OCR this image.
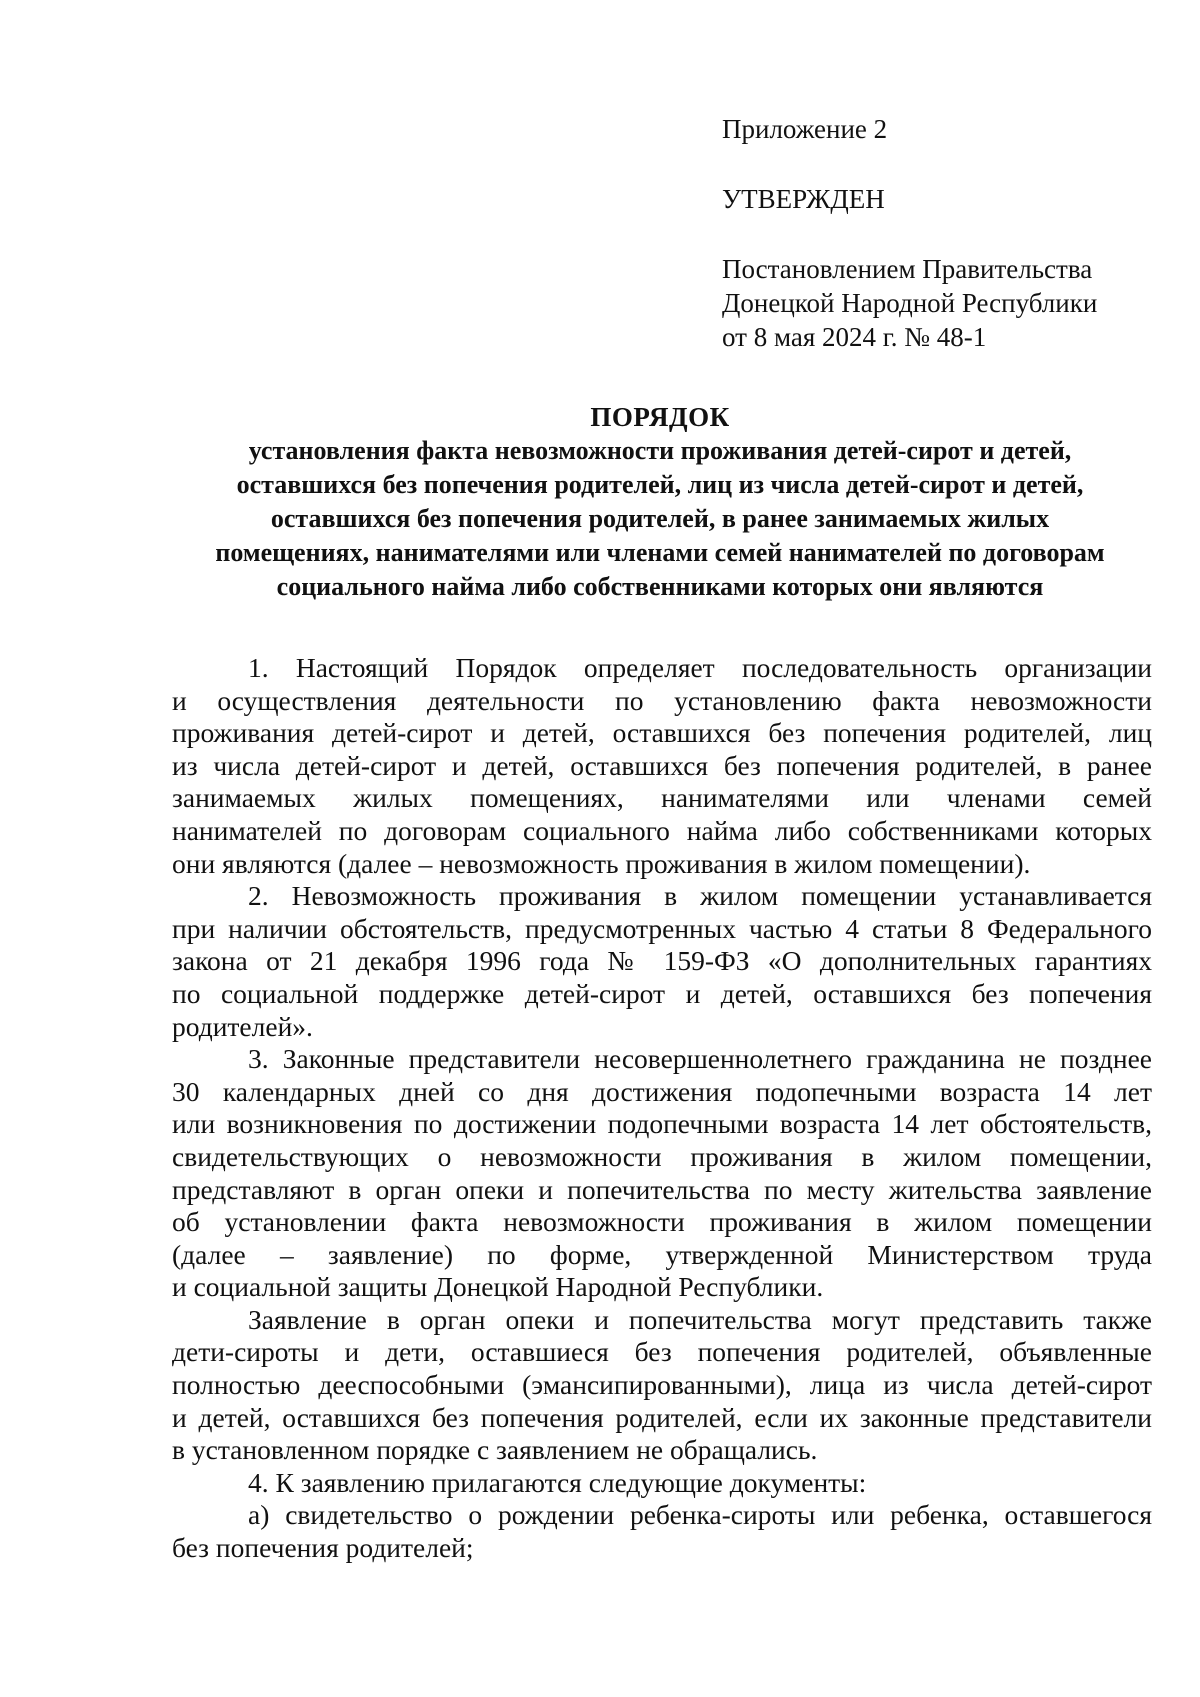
Приложение 2
УТВЕРЖДЕН
Постановлением Правительства
Донецкой Народной Республики
от 8 мая 2024 г. № 48-1
ПОРЯДОК
установления факта невозможности проживания детей-сирот и детей,
оставшихся без попечения родителей, лиц из числа детей-сирот и детей,
оставшихся без попечения родителей, в ранее занимаемых жилых
помещениях, нанимателями или членами семей нанимателей по договорам
социального найма либо собственниками которых они являются
1. Настоящий Порядок определяет последовательность организации
и осуществления деятельности по установлению факта невозможности
проживания детей-сирот и детей, оставшихся без попечения родителей, лиц
из числа детей-сирот и детей, оставшихся без попечения родителей, в ранее
занимаемых жилых помещениях, нанимателями или членами семей
нанимателей по договорам социального найма либо собственниками которых
они являются (далее – невозможность проживания в жилом помещении).
2. Невозможность проживания в жилом помещении устанавливается
при наличии обстоятельств, предусмотренных частью 4 статьи 8 Федерального
закона от 21 декабря 1996 года № 159-ФЗ «О дополнительных гарантиях
по социальной поддержке детей-сирот и детей, оставшихся без попечения
родителей».
3. Законные представители несовершеннолетнего гражданина не позднее
30 календарных дней со дня достижения подопечными возраста 14 лет
или возникновения по достижении подопечными возраста 14 лет обстоятельств,
свидетельствующих о невозможности проживания в жилом помещении,
представляют в орган опеки и попечительства по месту жительства заявление
об установлении факта невозможности проживания в жилом помещении
(далее – заявление) по форме, утвержденной Министерством труда
и социальной защиты Донецкой Народной Республики.
Заявление в орган опеки и попечительства могут представить также
дети-сироты и дети, оставшиеся без попечения родителей, объявленные
полностью дееспособными (эмансипированными), лица из числа детей-сирот
и детей, оставшихся без попечения родителей, если их законные представители
в установленном порядке с заявлением не обращались.
4. К заявлению прилагаются следующие документы:
а) свидетельство о рождении ребенка-сироты или ребенка, оставшегося
без попечения родителей;
